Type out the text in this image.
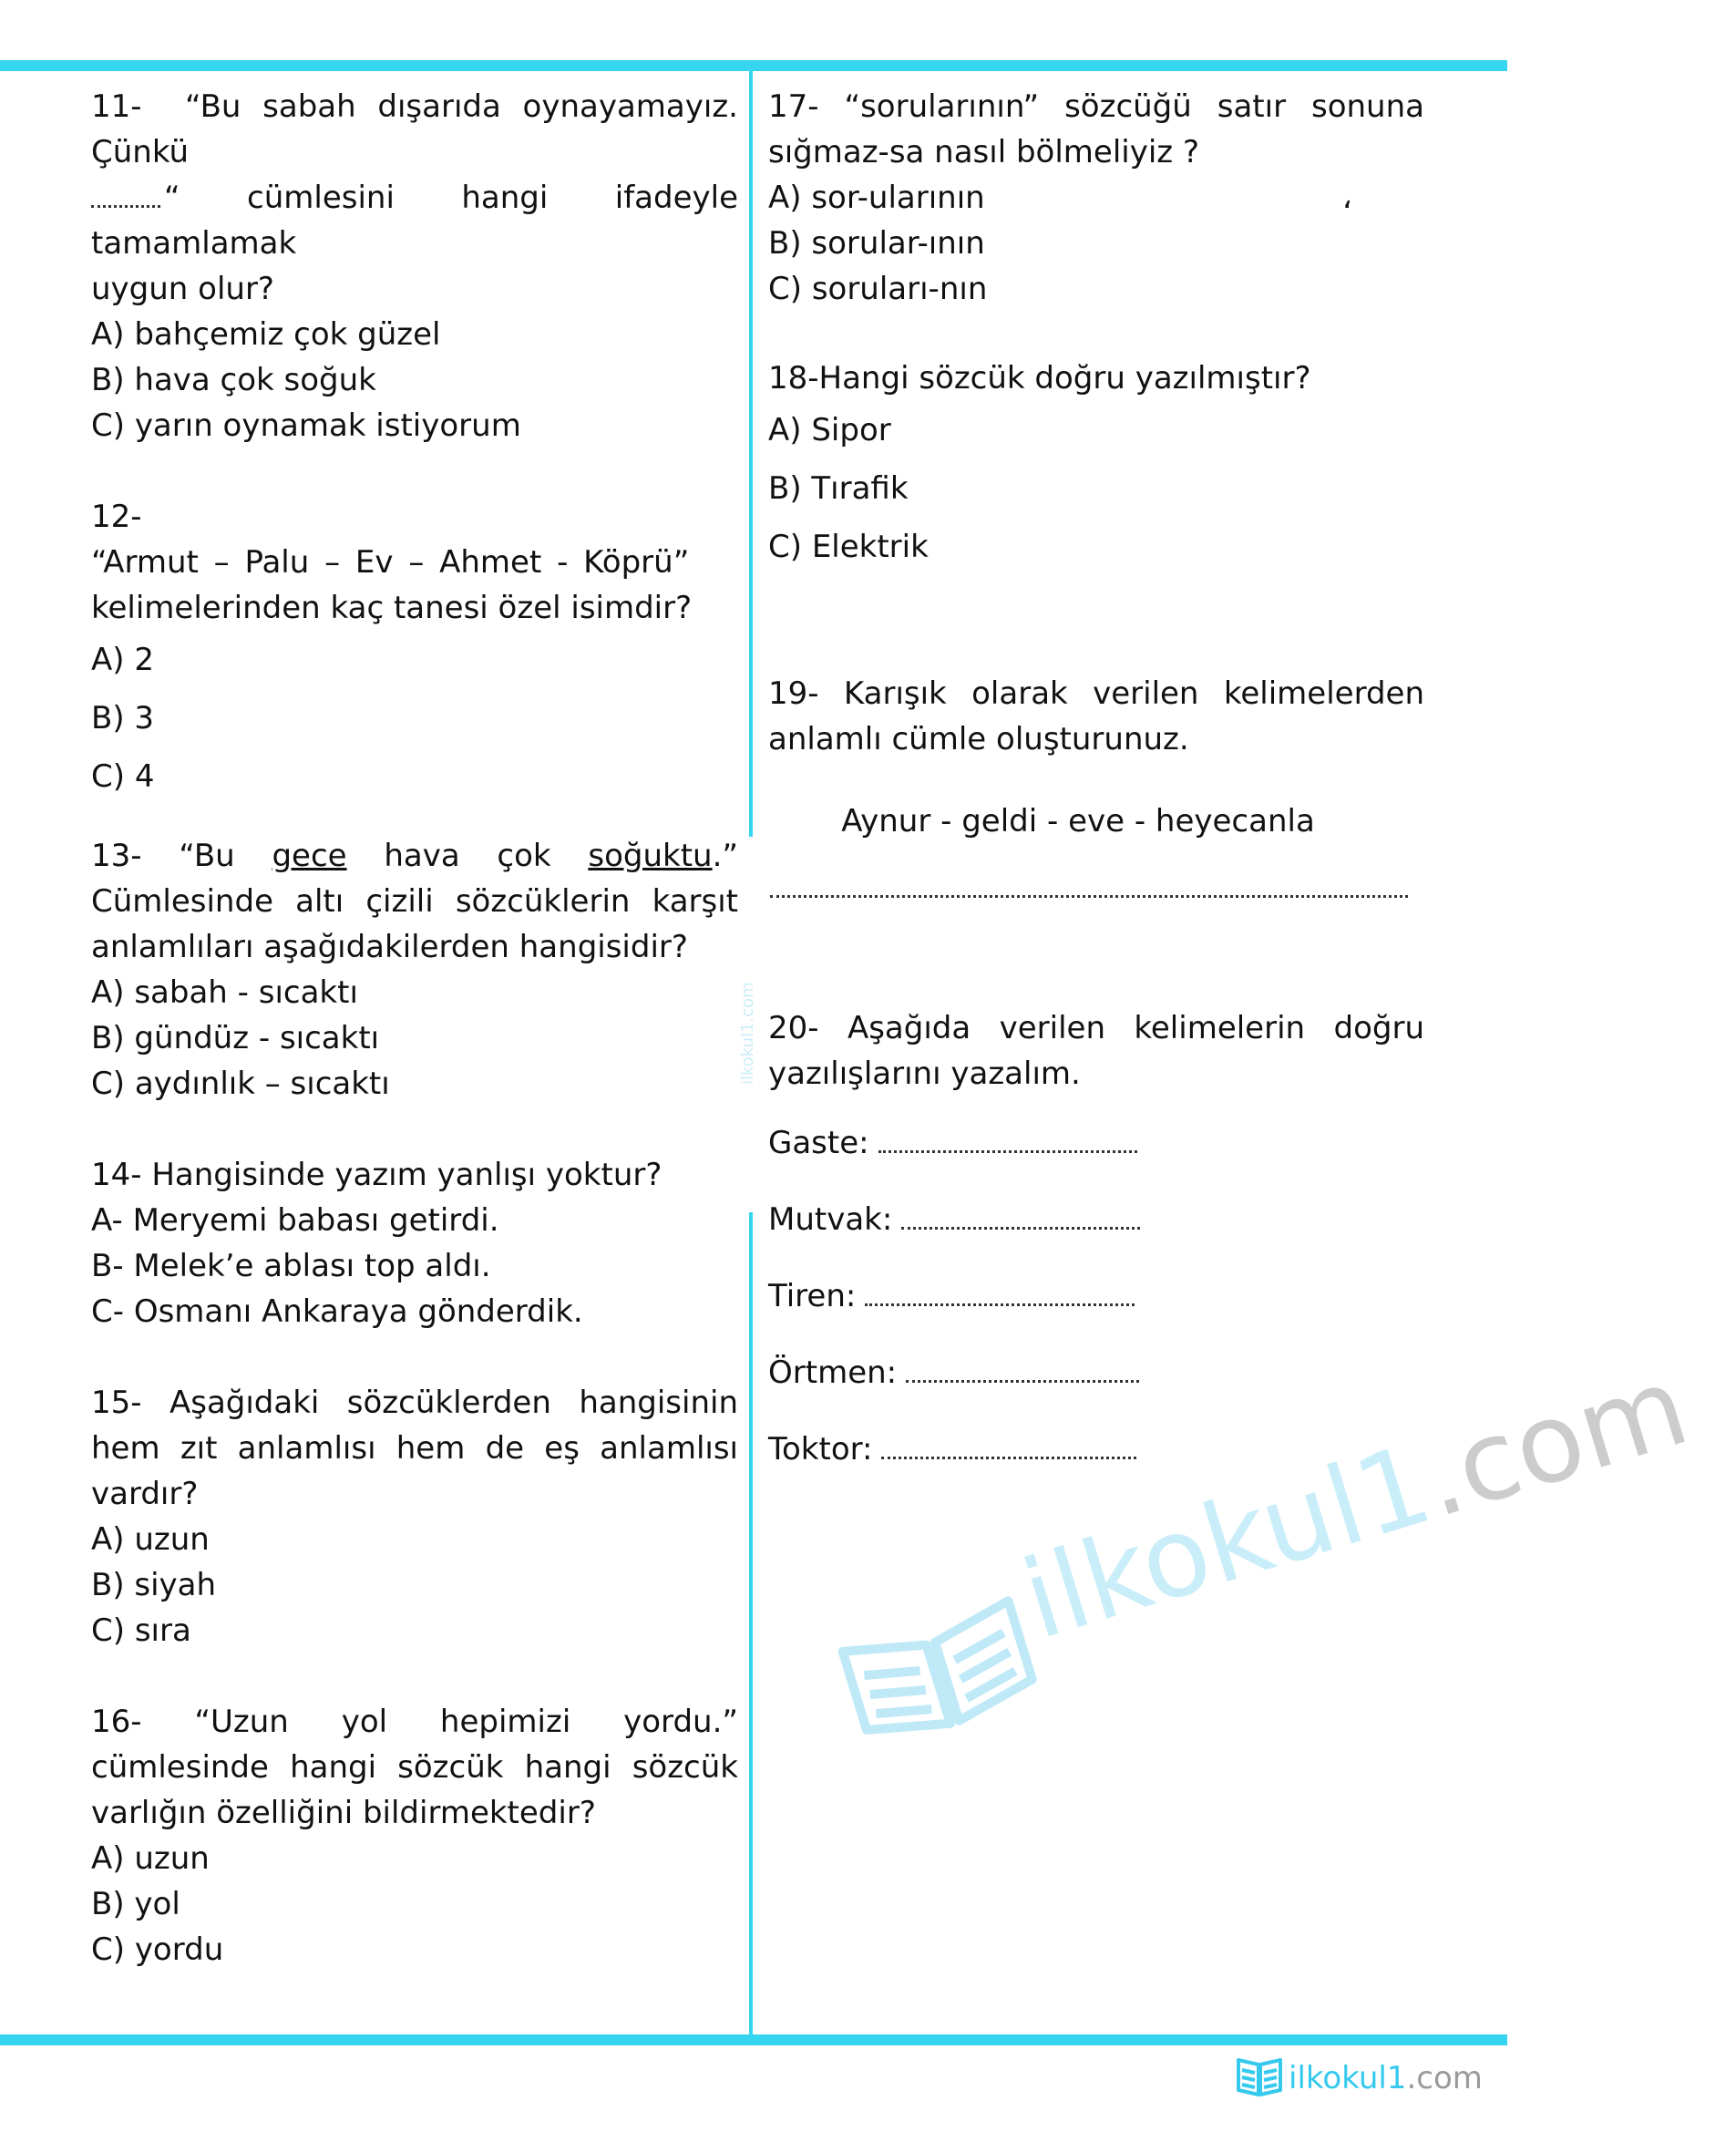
11- “Bu sabah dışarıda oynayamayız. Çünkü

“ cümlesini hangi ifadeyle tamamlamak

uygun olur?

A) bahçemiz çok güzel

B) hava çok soğuk

C) yarın oynamak istiyorum

12-

“Armut – Palu – Ev – Ahmet - Köprü”

kelimelerinden kaç tanesi özel isimdir?

A) 2

B) 3

C) 4

13- “Bu gece hava çok soğuktu.” Cümlesinde altı çizili sözcüklerin karşıt anlamlıları aşağıdakilerden hangisidir?

A) sabah - sıcaktı

B) gündüz - sıcaktı

C) aydınlık – sıcaktı

14- Hangisinde yazım yanlışı yoktur?

A- Meryemi babası getirdi.

B- Melek’e ablası top aldı.

C- Osmanı Ankaraya gönderdik.

15- Aşağıdaki sözcüklerden hangisinin hem zıt anlamlısı hem de eş anlamlısı vardır?

A) uzun

B) siyah

C) sıra

16- “Uzun yol hepimizi yordu.” cümlesinde hangi sözcük hangi sözcük varlığın özelliğini bildirmektedir?

A) uzun

B) yol

C) yordu

17- “sorularının” sözcüğü satır sonuna sığmaz-sa nasıl bölmeliyiz ?

A) sor-ularının	،

B) sorular-ının

C) soruları-nın

18-Hangi sözcük doğru yazılmıştır?

A) Sipor

B) Tırafik

C) Elektrik

19- Karışık olarak verilen kelimelerden anlamlı cümle oluşturunuz.

Aynur - geldi - eve - heyecanla

20- Aşağıda verilen kelimelerin doğru yazılışlarını yazalım.

Gaste:

Mutvak:

Tiren:

Örtmen:

Toktor:

ilkokul1.com
ilkokul1.com
ilkokul1.com
